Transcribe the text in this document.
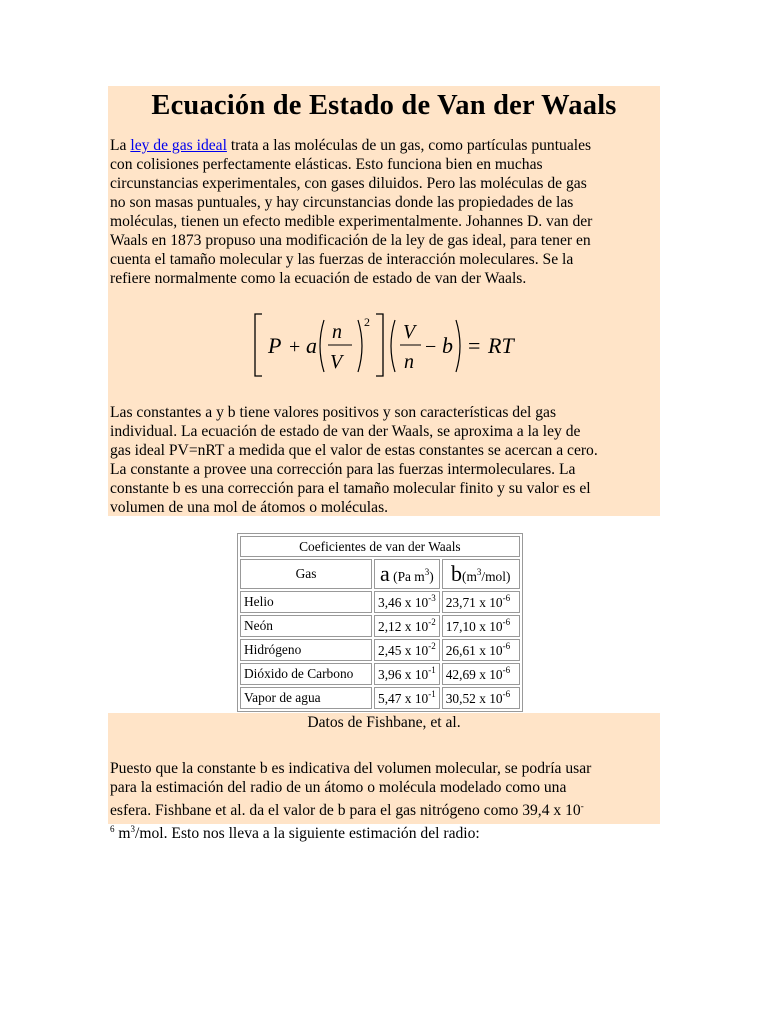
Ecuación de Estado de Van der Waals

La ley de gas ideal trata a las moléculas de un gas, como partículas puntuales
con colisiones perfectamente elásticas. Esto funciona bien en muchas
circunstancias experimentales, con gases diluidos. Pero las moléculas de gas
no son masas puntuales, y hay circunstancias donde las propiedades de las
moléculas, tienen un efecto medible experimentalmente. Johannes D. van der
Waals en 1873 propuso una modificación de la ley de gas ideal, para tener en
cuenta el tamaño molecular y las fuerzas de interacción moleculares. Se la
refiere normalmente como la ecuación de estado de van der Waals.

P + a
n
V
2 V
n
− b = RT

Las constantes a y b tiene valores positivos y son características del gas
individual. La ecuación de estado de van der Waals, se aproxima a la ley de
gas ideal PV=nRT a medida que el valor de estas constantes se acercan a cero.
La constante a provee una corrección para las fuerzas intermoleculares. La
constante b es una corrección para el tamaño molecular finito y su valor es el
volumen de una mol de átomos o moléculas.

Coeficientes de van der Waals		
Gas	a (Pa $m^3$)	$b(m^3/mol)$
Helio	3,46 x $10^{-3}$	23,71 x $10^{-6}$
Neón	2,12 x $10^{-2}$	17,10 x $10^{-6}$
Hidrógeno	2,45 x $10^{-2}$	26,61 x $10^{-6}$
Dióxido de Carbono	3,96 x $10^{-1}$	42,69 x $10^{-6}$
Vapor de agua	5,47 x $10^{-1}$	30,52 x $10^{-6}$
Datos de Fishbane, et al.

Puesto que la constante b es indicativa del volumen molecular, se podría usar
para la estimación del radio de un átomo o molécula modelado como una
esfera. Fishbane et al. da el valor de b para el gas nitrógeno como 39,4 x 10-
$^6$ $m^3$/mol. Esto nos lleva a la siguiente estimación del radio:
